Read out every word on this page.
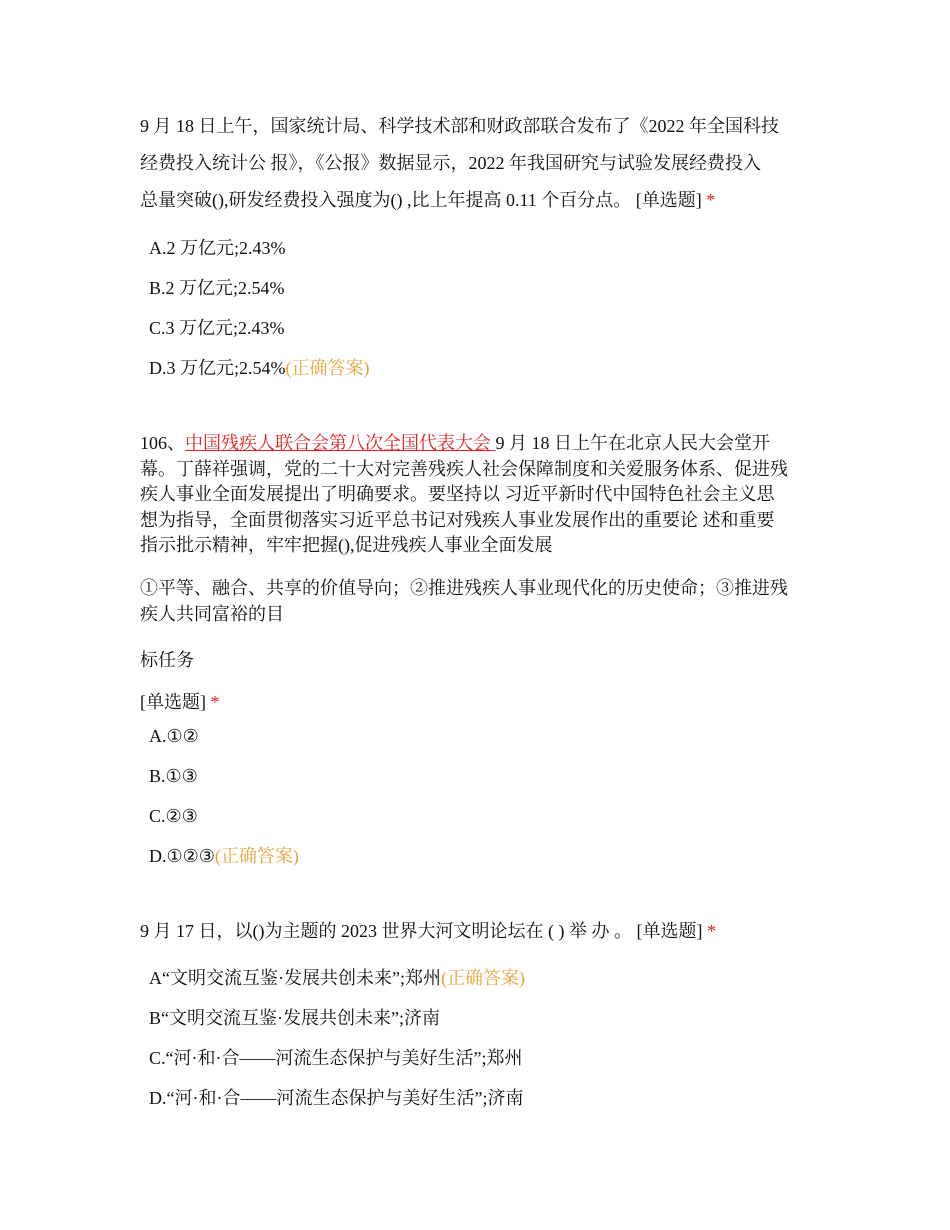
9 月 18 日上午，国家统计局、科学技术部和财政部联合发布了《2022 年全国科技
经费投入统计公 报》，《公报》数据显示，2022 年我国研究与试验发展经费投入
总量突破(),研发经费投入强度为() ,比上年提高 0.11 个百分点。 [单选题] *
A.2 万亿元;2.43%
B.2 万亿元;2.54%
C.3 万亿元;2.43%
D.3 万亿元;2.54%(正确答案)
106、中国残疾人联合会第八次全国代表大会 9 月 18 日上午在北京人民大会堂开
幕。丁薛祥强调，党的二十大对完善残疾人社会保障制度和关爱服务体系、促进残
疾人事业全面发展提出了明确要求。要坚持以 习近平新时代中国特色社会主义思
想为指导，全面贯彻落实习近平总书记对残疾人事业发展作出的重要论 述和重要
指示批示精神，牢牢把握(),促进残疾人事业全面发展
①平等、融合、共享的价值导向；②推进残疾人事业现代化的历史使命；③推进残
疾人共同富裕的目
标任务
[单选题] *
A.①②
B.①③
C.②③
D.①②③(正确答案)
9 月 17 日，以()为主题的 2023 世界大河文明论坛在 ( ) 举 办 。 [单选题] *
A“文明交流互鉴·发展共创未来”;郑州(正确答案)
B“文明交流互鉴·发展共创未来”;济南
C.“河·和·合——河流生态保护与美好生活”;郑州
D.“河·和·合——河流生态保护与美好生活”;济南
